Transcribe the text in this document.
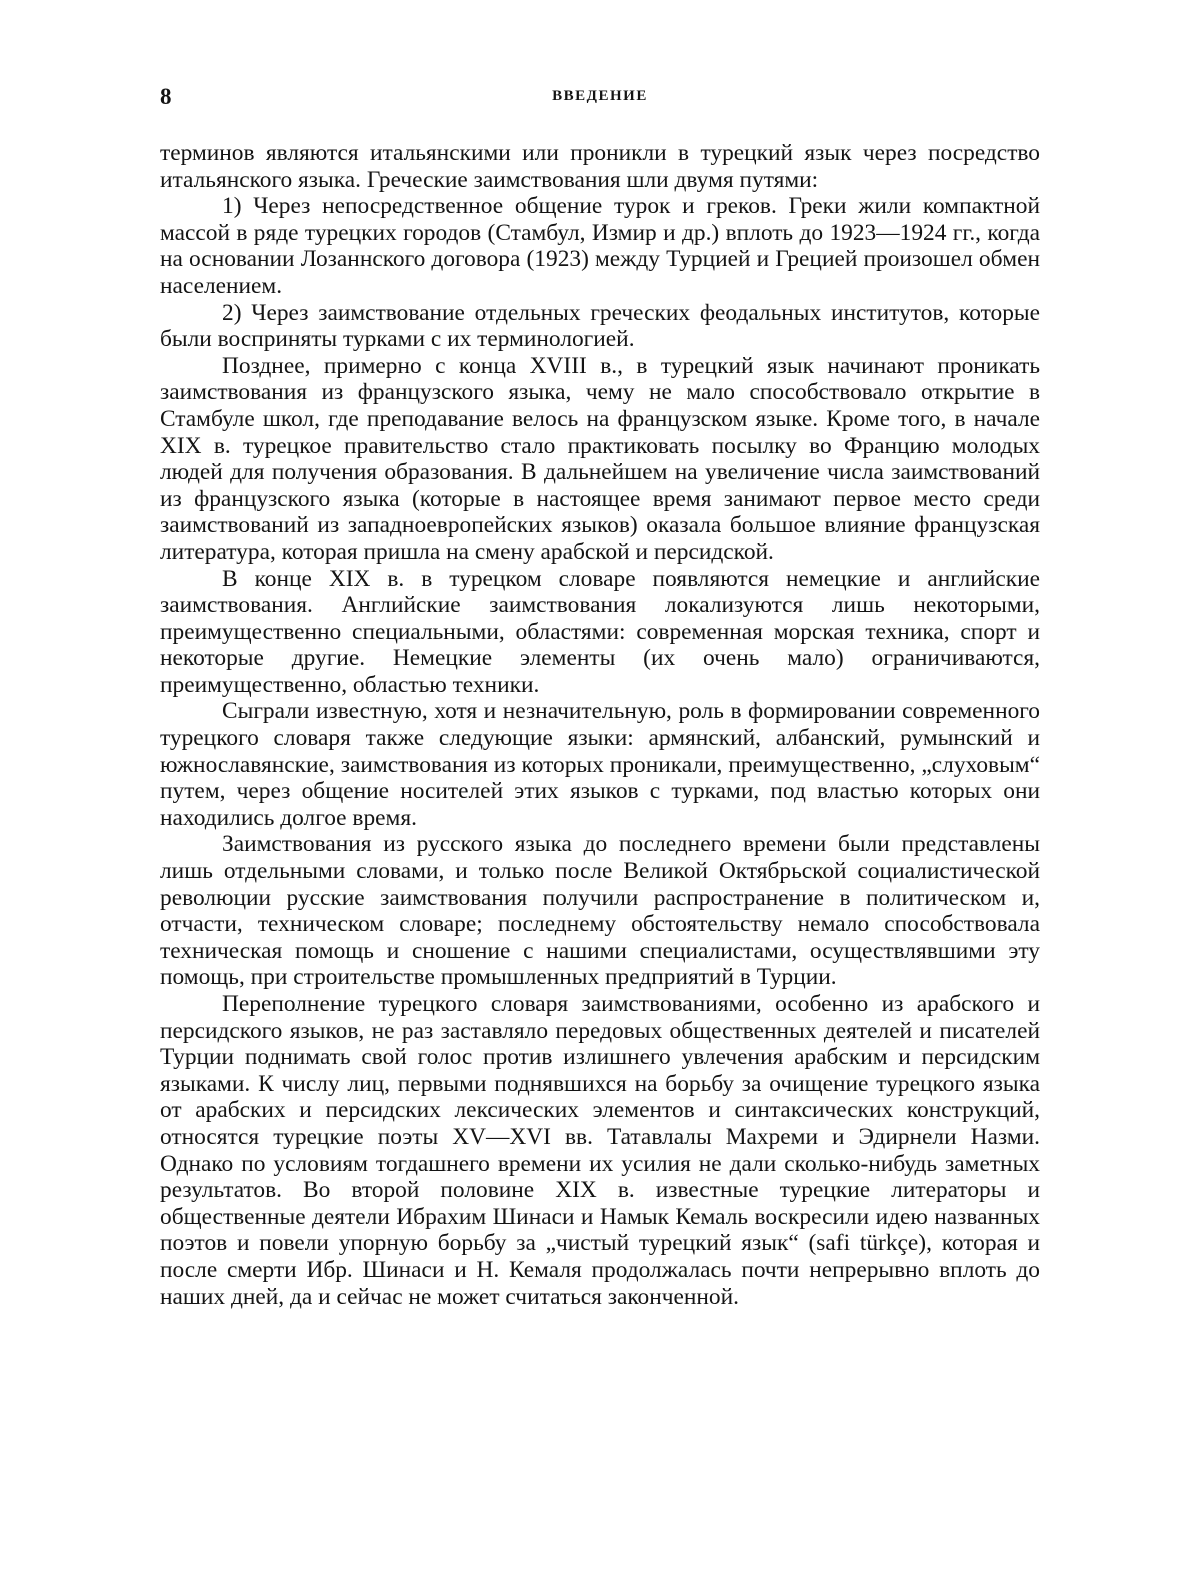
8	ВВЕДЕНИЕ

терминов являются итальянскими или проникли в турецкий язык через посредство итальянского языка. Греческие заимствования шли двумя путями:

1) Через непосредственное общение турок и греков. Греки жили компактной массой в ряде турецких городов (Стамбул, Измир и др.) вплоть до 1923—1924 гг., когда на основании Лозаннского договора (1923) между Турцией и Грецией произошел обмен населением.

2) Через заимствование отдельных греческих феодальных институтов, которые были восприняты турками с их терминологией.

Позднее, примерно с конца XVIII в., в турецкий язык начинают проникать заимствования из французского языка, чему не мало способствовало открытие в Стамбуле школ, где преподавание велось на французском языке. Кроме того, в начале XIX в. турецкое правительство стало практиковать посылку во Францию молодых людей для получения образования. В дальнейшем на увеличение числа заимствований из французского языка (которые в настоящее время занимают первое место среди заимствований из западноевропейских языков) оказала большое влияние французская литература, которая пришла на смену арабской и персидской.

В конце XIX в. в турецком словаре появляются немецкие и английские заимствования. Английские заимствования локализуются лишь некоторыми, преимущественно специальными, областями: современная морская техника, спорт и некоторые другие. Немецкие элементы (их очень мало) ограничиваются, преимущественно, областью техники.

Сыграли известную, хотя и незначительную, роль в формировании современного турецкого словаря также следующие языки: армянский, албанский, румынский и южнославянские, заимствования из которых проникали, преимущественно, „слуховым“ путем, через общение носителей этих языков с турками, под властью которых они находились долгое время.

Заимствования из русского языка до последнего времени были представлены лишь отдельными словами, и только после Великой Октябрьской социалистической революции русские заимствования получили распространение в политическом и, отчасти, техническом словаре; последнему обстоятельству немало способствовала техническая помощь и сношение с нашими специалистами, осуществлявшими эту помощь, при строительстве промышленных предприятий в Турции.

Переполнение турецкого словаря заимствованиями, особенно из арабского и персидского языков, не раз заставляло передовых общественных деятелей и писателей Турции поднимать свой голос против излишнего увлечения арабским и персидским языками. К числу лиц, первыми поднявшихся на борьбу за очищение турецкого языка от арабских и персидских лексических элементов и синтаксических конструкций, относятся турецкие поэты XV—XVI вв. Татавлалы Махреми и Эдирнели Назми. Однако по условиям тогдашнего времени их усилия не дали сколько-нибудь заметных результатов. Во второй половине XIX в. известные турецкие литераторы и общественные деятели Ибрахим Шинаси и Намык Кемаль воскресили идею названных поэтов и повели упорную борьбу за „чистый турецкий язык“ (safi türkçe), которая и после смерти Ибр. Шинаси и Н. Кемаля продолжалась почти непрерывно вплоть до наших дней, да и сейчас не может считаться законченной.
